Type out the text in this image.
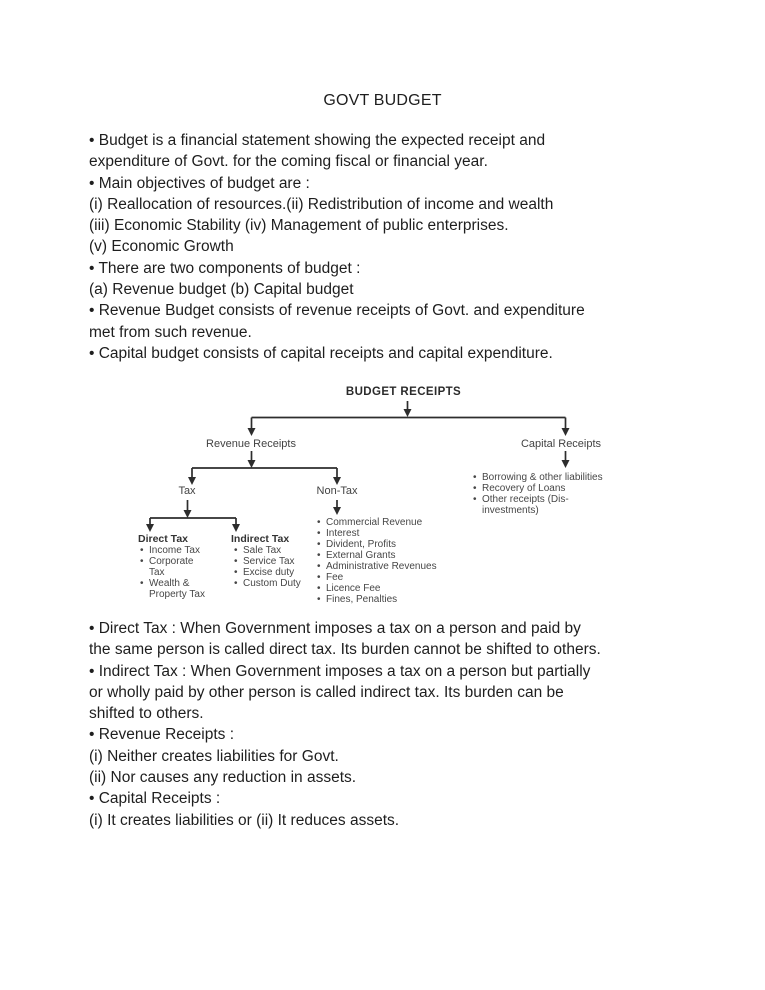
GOVT BUDGET
• Budget is a financial statement showing the expected receipt and
expenditure of Govt. for the coming fiscal or financial year.
• Main objectives of budget are :
(i) Reallocation of resources.(ii) Redistribution of income and wealth
(iii) Economic Stability (iv) Management of public enterprises.
(v) Economic Growth
• There are two components of budget :
(a) Revenue budget (b) Capital budget
• Revenue Budget consists of revenue receipts of Govt. and expenditure
met from such revenue.
• Capital budget consists of capital receipts and capital expenditure.
BUDGET RECEIPTS
Revenue Receipts	Capital Receipts
Tax	Non-Tax
Direct Tax	Indirect Tax
• Income Tax
• Corporate Tax
• Wealth & Property Tax
• Sale Tax
• Service Tax
• Excise duty
• Custom Duty
• Commercial Revenue
• Interest
• Divident, Profits
• External Grants
• Administrative Revenues
• Fee
• Licence Fee
• Fines, Penalties
• Borrowing & other liabilities
• Recovery of Loans
• Other receipts (Dis-investments)
• Direct Tax : When Government imposes a tax on a person and paid by
the same person is called direct tax. Its burden cannot be shifted to others.
• Indirect Tax : When Government imposes a tax on a person but partially
or wholly paid by other person is called indirect tax. Its burden can be
shifted to others.
• Revenue Receipts :
(i) Neither creates liabilities for Govt.
(ii) Nor causes any reduction in assets.
• Capital Receipts :
(i) It creates liabilities or (ii) It reduces assets.
